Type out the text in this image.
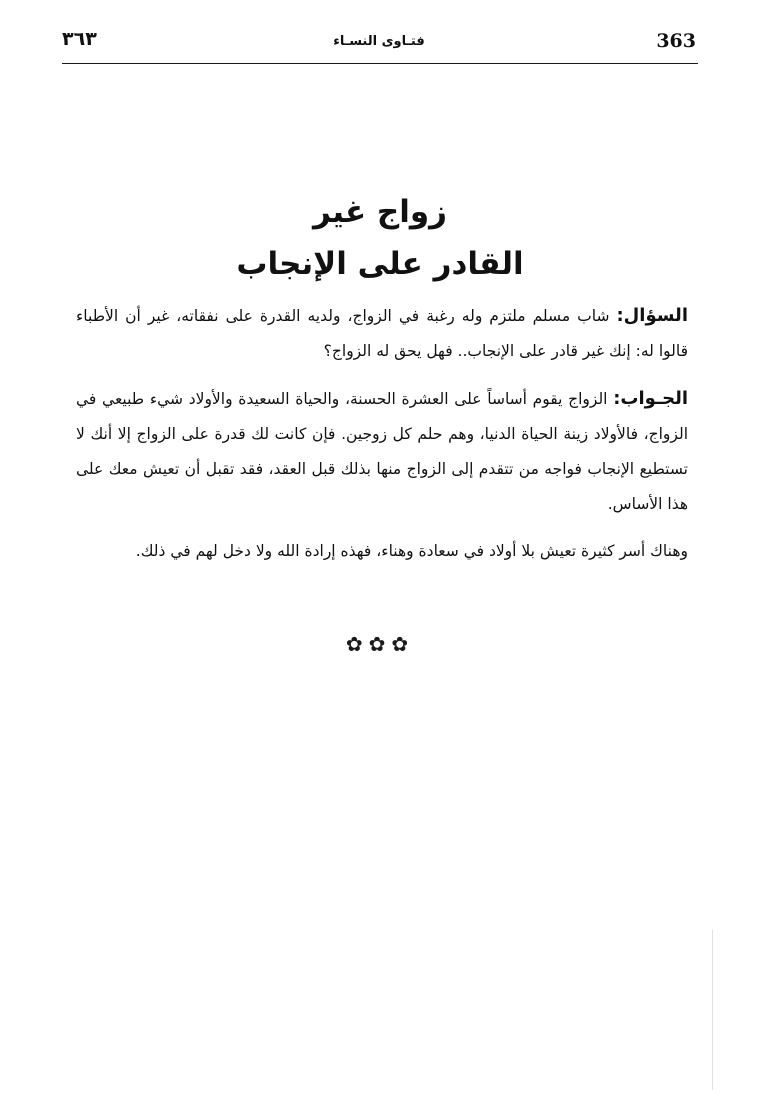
٣٦٣	فتـاوى النسـاء	363
زواج غير
القادر على الإنجاب

السؤال: شاب مسلم ملتزم وله رغبة في الزواج، ولديه القدرة على نفقاته، غير أن الأطباء قالوا له: إنك غير قادر على الإنجاب.. فهل يحق له الزواج؟

الجـواب: الزواج يقوم أساساً على العشرة الحسنة، والحياة السعيدة والأولاد شيء طبيعي في الزواج، فالأولاد زينة الحياة الدنيا، وهم حلم كل زوجين. فإن كانت لك قدرة على الزواج إلا أنك لا تستطيع الإنجاب فواجه من تتقدم إلى الزواج منها بذلك قبل العقد، فقد تقبل أن تعيش معك على هذا الأساس.

وهناك أسر كثيرة تعيش بلا أولاد في سعادة وهناء، فهذه إرادة الله ولا دخل لهم في ذلك.

✿✿✿
